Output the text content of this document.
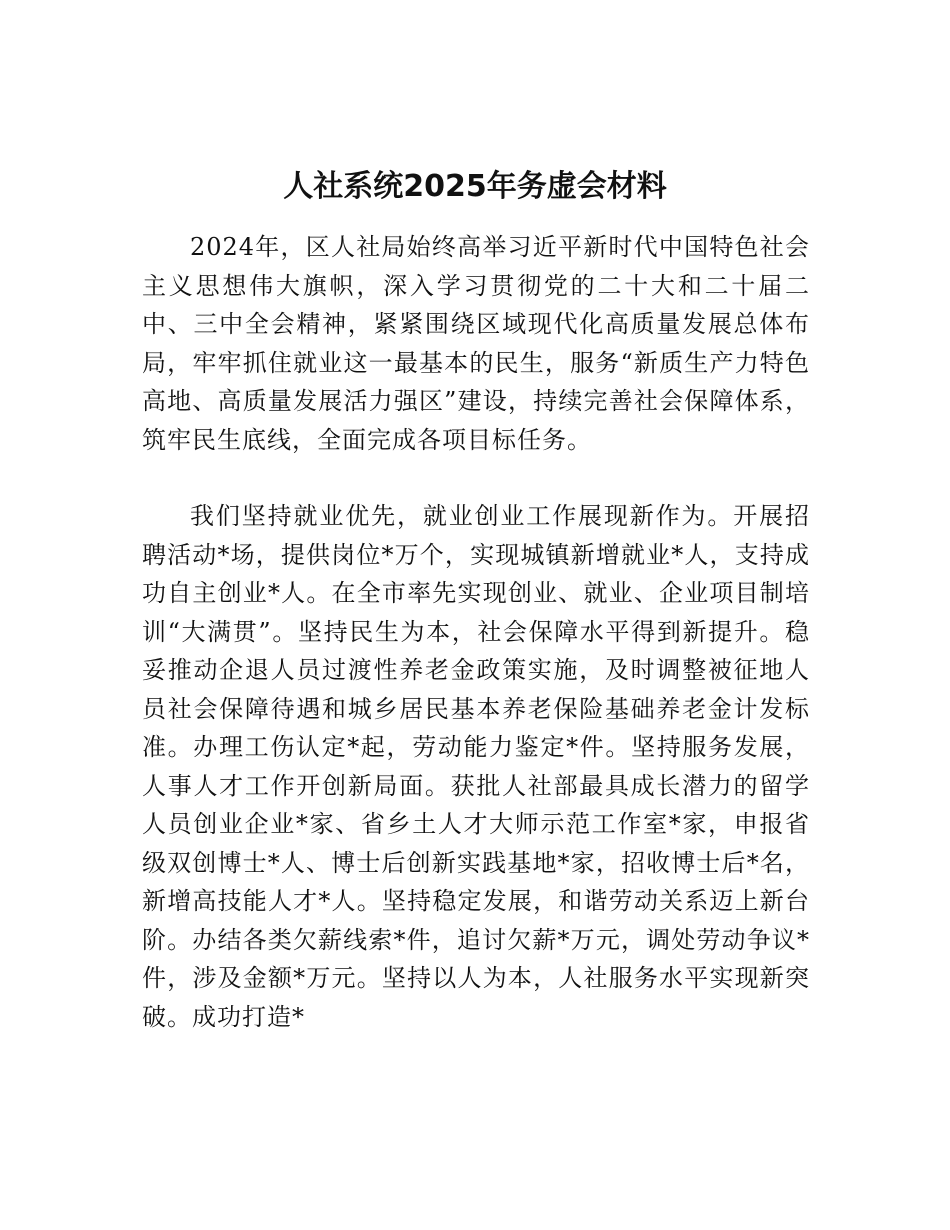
人社系统2025年务虚会材料

2024年，区人社局始终高举习近平新时代中国特色社会主义思想伟大旗帜，深入学习贯彻党的二十大和二十届二中、三中全会精神，紧紧围绕区域现代化高质量发展总体布局，牢牢抓住就业这一最基本的民生，服务“新质生产力特色高地、高质量发展活力强区”建设，持续完善社会保障体系，筑牢民生底线，全面完成各项目标任务。

我们坚持就业优先，就业创业工作展现新作为。开展招聘活动*场，提供岗位*万个，实现城镇新增就业*人，支持成功自主创业*人。在全市率先实现创业、就业、企业项目制培训“大满贯”。坚持民生为本，社会保障水平得到新提升。稳妥推动企退人员过渡性养老金政策实施，及时调整被征地人员社会保障待遇和城乡居民基本养老保险基础养老金计发标准。办理工伤认定*起，劳动能力鉴定*件。坚持服务发展，人事人才工作开创新局面。获批人社部最具成长潜力的留学人员创业企业*家、省乡土人才大师示范工作室*家，申报省级双创博士*人、博士后创新实践基地*家，招收博士后*名，新增高技能人才*人。坚持稳定发展，和谐劳动关系迈上新台阶。办结各类欠薪线索*件，追讨欠薪*万元，调处劳动争议*件，涉及金额*万元。坚持以人为本，人社服务水平实现新突破。成功打造*
